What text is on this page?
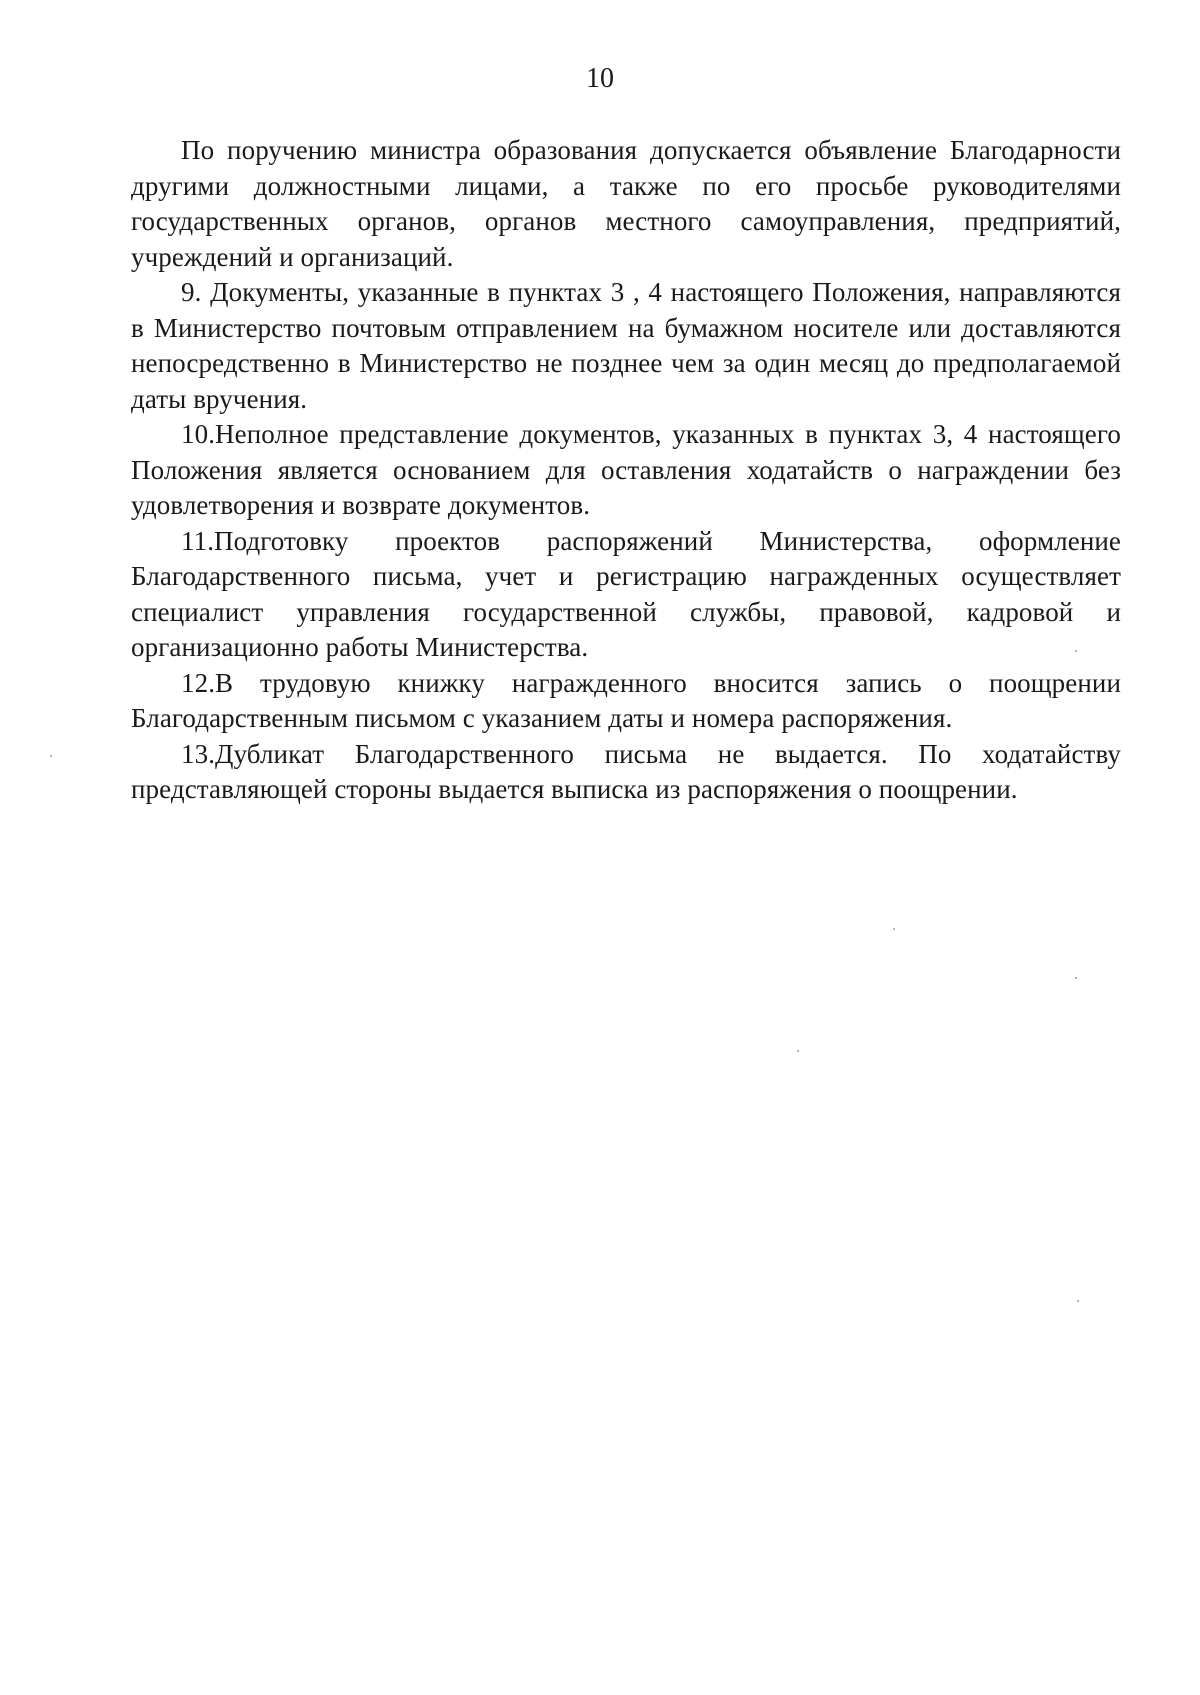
10

По поручению министра образования допускается объявление Благодарности другими должностными лицами, а также по его просьбе руководителями государственных органов, органов местного самоуправления, предприятий, учреждений и организаций.

9. Документы, указанные в пунктах 3 , 4 настоящего Положения, направляются в Министерство почтовым отправлением на бумажном носителе или доставляются непосредственно в Министерство не позднее чем за один месяц до предполагаемой даты вручения.

10.Неполное представление документов, указанных в пунктах 3, 4 настоящего Положения является основанием для оставления ходатайств о награждении без удовлетворения и возврате документов.

11.Подготовку проектов распоряжений Министерства, оформление Благодарственного письма, учет и регистрацию награжденных осуществляет специалист управления государственной службы, правовой, кадровой и организационно работы Министерства.

12.В трудовую книжку награжденного вносится запись о поощрении Благодарственным письмом с указанием даты и номера распоряжения.

13.Дубликат Благодарственного письма не выдается. По ходатайству представляющей стороны выдается выписка из распоряжения о поощрении.
